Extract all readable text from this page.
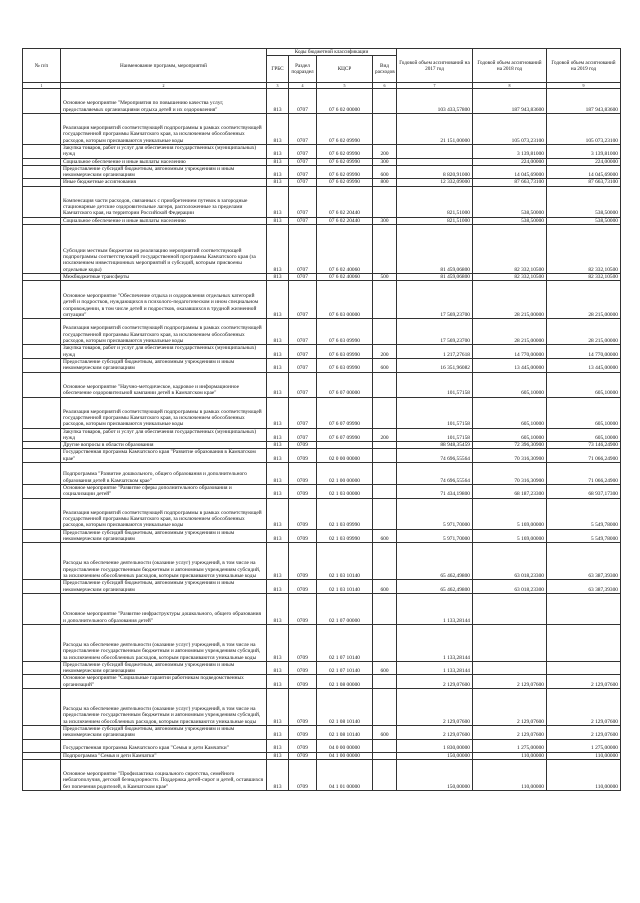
№ п/п	Наименование программ, мероприятий	Коды бюджетной классификации				Годовой объем ассигнований на 2017 год	Годовой объем ассигнований на 2018 год	Годовой объем ассигнований на 2019 год
		ГРБС	Раздел подраздел	КЦСР	Вид расходов			
1	2	3	4	5	6	7	8	9
	Основное мероприятие "Мероприятия по повышению качества услуг, предоставляемых организациями отдыха детей и их оздоровления"	813	0707	07 6 02 00000		103 433,57800	187 943,83600	187 943,83600
	Реализация мероприятий соответствующей подпрограммы в рамках соответствующей государственной программы Камчатского края, за исключением обособленных расходов, которым присваиваются уникальные коды	813	0707	07 6 02 09990		21 151,00000	105 073,23100	105 073,23100
	Закупка товаров, работ и услуг для обеспечения государственных (муниципальных) нужд	813	0707	07 6 02 09990	200		3 139,81000	3 139,81000
	Социальное обеспечение и иные выплаты населению	813	0707	07 6 02 09990	300		224,00000	224,00000
	Предоставление субсидий бюджетным, автономным учреждениям и иным некоммерческим организациям	813	0707	07 6 02 09990	600	8 820,91000	14 045,69000	14 045,69000
	Иные бюджетные ассигнования	813	0707	07 6 02 09990	800	12 332,09000	87 663,73100	87 663,73100
	Компенсация части расходов, связанных с приобретением путевок в загородные стационарные детские оздоровительные лагеря, расположенные за пределами Камчатского края, на территории Российской Федерации	813	0707	07 6 02 20440		821,51000	538,50000	538,50000
	Социальное обеспечение и иные выплаты населению	813	0707	07 6 02 20440	300	821,51000	538,50000	538,50000
	Субсидии местным бюджетам на реализацию мероприятий соответствующей подпрограммы соответствующей государственной программы Камчатского края (за исключением инвестиционных мероприятий и субсидий, которым присвоены отдельные коды)	813	0707	07 6 02 40060		81 459,06800	82 332,10500	82 332,10500
	Межбюджетные трансферты	813	0707	07 6 02 40060	500	81 459,06800	82 332,10500	82 332,10500
	Основное мероприятие "Обеспечение отдыха и оздоровления отдельных категорий детей и подростков, нуждающихся в психолого-педагогическом и ином специальном сопровождении, в том числе детей и подростков, оказавшихся в трудной жизненной ситуации"	813	0707	07 6 03 00000		17 569,23700	28 215,00000	28 215,00000
	Реализация мероприятий соответствующей подпрограммы в рамках соответствующей государственной программы Камчатского края, за исключением обособленных расходов, которым присваиваются уникальные коды	813	0707	07 6 03 09990		17 569,23700	28 215,00000	28 215,00000
	Закупка товаров, работ и услуг для обеспечения государственных (муниципальных) нужд	813	0707	07 6 03 09990	200	1 217,27618	14 770,00000	14 770,00000
	Предоставление субсидий бюджетным, автономным учреждениям и иным некоммерческим организациям	813	0707	07 6 03 09990	600	16 351,96082	13 445,00000	13 445,00000
	Основное мероприятие "Научно-методическое, кадровое и информационное обеспечение оздоровительной кампании детей в Камчатском крае"	813	0707	07 6 07 00000		101,57158	605,10000	605,10000
	Реализация мероприятий соответствующей подпрограммы в рамках соответствующей государственной программы Камчатского края, за исключением обособленных расходов, которым присваиваются уникальные коды	813	0707	07 6 07 09990		101,57158	605,10000	605,10000
	Закупка товаров, работ и услуг для обеспечения государственных (муниципальных) нужд	813	0707	07 6 07 09990	200	101,57158	605,10000	605,10000
	Другие вопросы в области образования	813	0709			88 948,35459	72 396,30900	73 146,24900
	Государственная программа Камчатского края "Развитие образования в Камчатском крае"	813	0709	02 0 00 00000		74 696,55564	70 316,30900	71 066,24900
	Подпрограмма "Развитие дошкольного, общего образования и дополнительного образования детей в Камчатском крае"	813	0709	02 1 00 00000		74 696,55564	70 316,30900	71 066,24900
	Основное мероприятие "Развитие сферы дополнительного образования и социализации детей"	813	0709	02 1 03 00000		71 434,19800	68 187,23300	68 937,17300
	Реализация мероприятий соответствующей подпрограммы в рамках соответствующей государственной программы Камчатского края, за исключением обособленных расходов, которым присваиваются уникальные коды	813	0709	02 1 03 09990		5 971,70000	5 169,00000	5 549,78000
	Предоставление субсидий бюджетным, автономным учреждениям и иным некоммерческим организациям	813	0709	02 1 03 09990	600	5 971,70000	5 169,00000	5 549,78000
	Расходы на обеспечение деятельности (оказание услуг) учреждений, в том числе на предоставление государственным бюджетным и автономным учреждениям субсидий, за исключением обособленных расходов, которым присваиваются уникальные коды	813	0709	02 1 03 10140		65 462,49800	63 018,23300	63 387,39300
	Предоставление субсидий бюджетным, автономным учреждениям и иным некоммерческим организациям	813	0709	02 1 03 10140	600	65 462,49800	63 018,23300	63 387,39300
	Основное мероприятие "Развитие инфраструктуры дошкольного, общего образования и дополнительного образования детей"	813	0709	02 1 07 00000		1 133,28144		
	Расходы на обеспечение деятельности (оказание услуг) учреждений, в том числе на предоставление государственным бюджетным и автономным учреждениям субсидий, за исключением обособленных расходов, которым присваиваются уникальные коды	813	0709	02 1 07 10140		1 133,28144		
	Предоставление субсидий бюджетным, автономным учреждениям и иным некоммерческим организациям	813	0709	02 1 07 10140	600	1 133,28144		
	Основное мероприятие "Социальные гарантии работникам подведомственных организаций"	813	0709	02 1 08 00000		2 129,07600	2 129,07600	2 129,07600
	Расходы на обеспечение деятельности (оказание услуг) учреждений, в том числе на предоставление государственным бюджетным и автономным учреждениям субсидий, за исключением обособленных расходов, которым присваиваются уникальные коды	813	0709	02 1 08 10140		2 129,07600	2 129,07600	2 129,07600
	Предоставление субсидий бюджетным, автономным учреждениям и иным некоммерческим организациям	813	0709	02 1 08 10140	600	2 129,07600	2 129,07600	2 129,07600
	Государственная программа Камчатского края "Семья и дети Камчатки"	813	0709	04 0 00 00000		1 830,00000	1 275,00000	1 275,00000
	Подпрограмма "Семья и дети Камчатки"	813	0709	04 1 00 00000		150,00000	110,00000	110,00000
	Основное мероприятие "Профилактика социального сиротства, семейного неблагополучия, детской безнадзорности. Поддержка детей-сирот и детей, оставшихся без попечения родителей, в Камчатском крае"	813	0709	04 1 01 00000		150,00000	110,00000	110,00000
